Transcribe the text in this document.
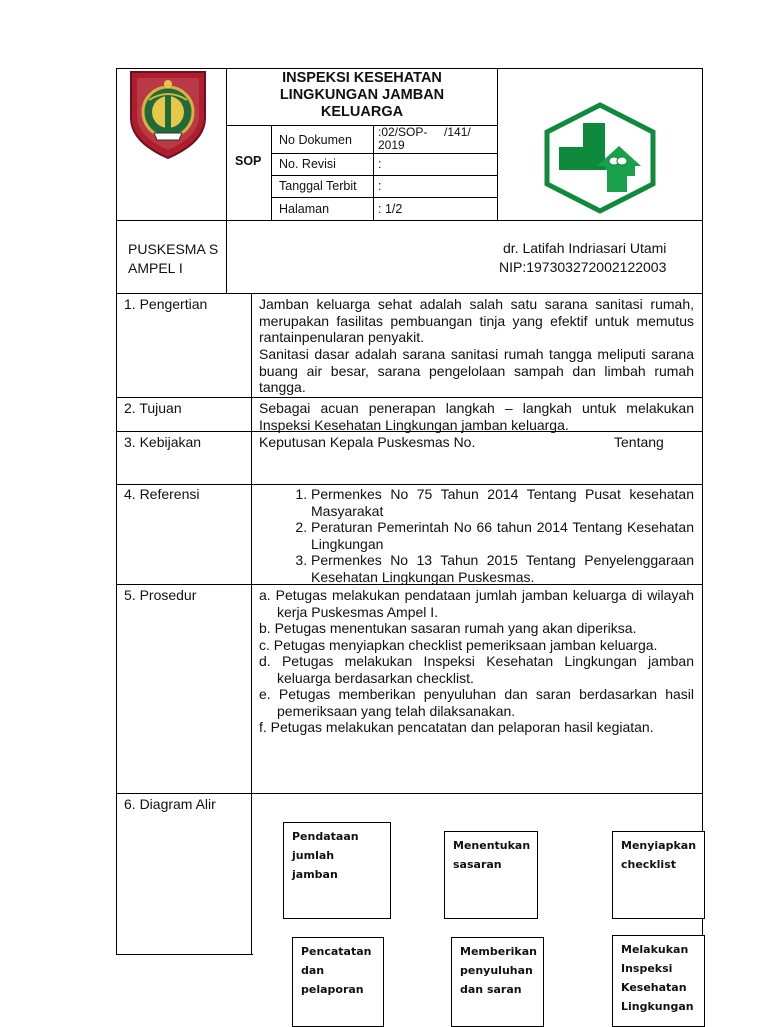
INSPEKSI KESEHATAN LINGKUNGAN JAMBAN KELUARGA
SOP
No Dokumen
:02/SOP-     /141/ 2019
No. Revisi	:
Tanggal Terbit :
Halaman	: 1/2
PUSKESMA S AMPEL I
dr. Latifah Indriasari Utami
NIP:197303272002122003
1. Pengertian	Jamban keluarga sehat adalah salah satu sarana sanitasi rumah, merupakan fasilitas pembuangan tinja yang efektif untuk memutus rantainpenularan penyakit.
Sanitasi dasar adalah sarana sanitasi rumah tangga meliputi sarana buang air besar, sarana pengelolaan sampah dan limbah rumah tangga.
2. Tujuan	Sebagai acuan penerapan langkah – langkah untuk melakukan Inspeksi Kesehatan Lingkungan jamban keluarga.
3. Kebijakan	Keputusan Kepala Puskesmas No.	Tentang
4. Referensi
1.	Permenkes No 75 Tahun 2014 Tentang Pusat kesehatan Masyarakat
2. Peraturan Pemerintah No 66 tahun 2014 Tentang Kesehatan Lingkungan
3. Permenkes No 13 Tahun 2015 Tentang Penyelenggaraan Kesehatan Lingkungan Puskesmas.
5. Prosedur	a. Petugas melakukan pendataan jumlah jamban keluarga di wilayah kerja Puskesmas Ampel I.
b. Petugas menentukan sasaran rumah yang akan diperiksa.
c. Petugas menyiapkan checklist pemeriksaan jamban keluarga.
d. Petugas melakukan Inspeksi Kesehatan Lingkungan jamban keluarga berdasarkan checklist.
e. Petugas memberikan penyuluhan dan saran berdasarkan hasil pemeriksaan yang telah dilaksanakan.
f. Petugas melakukan pencatatan dan pelaporan hasil kegiatan.
6. Diagram Alir
Pendataan jumlah jamban
Menentukan sasaran
Menyiapkan checklist
Pencatatan dan pelaporan
Memberikan penyuluhan dan saran
Melakukan Inspeksi Kesehatan Lingkungan
